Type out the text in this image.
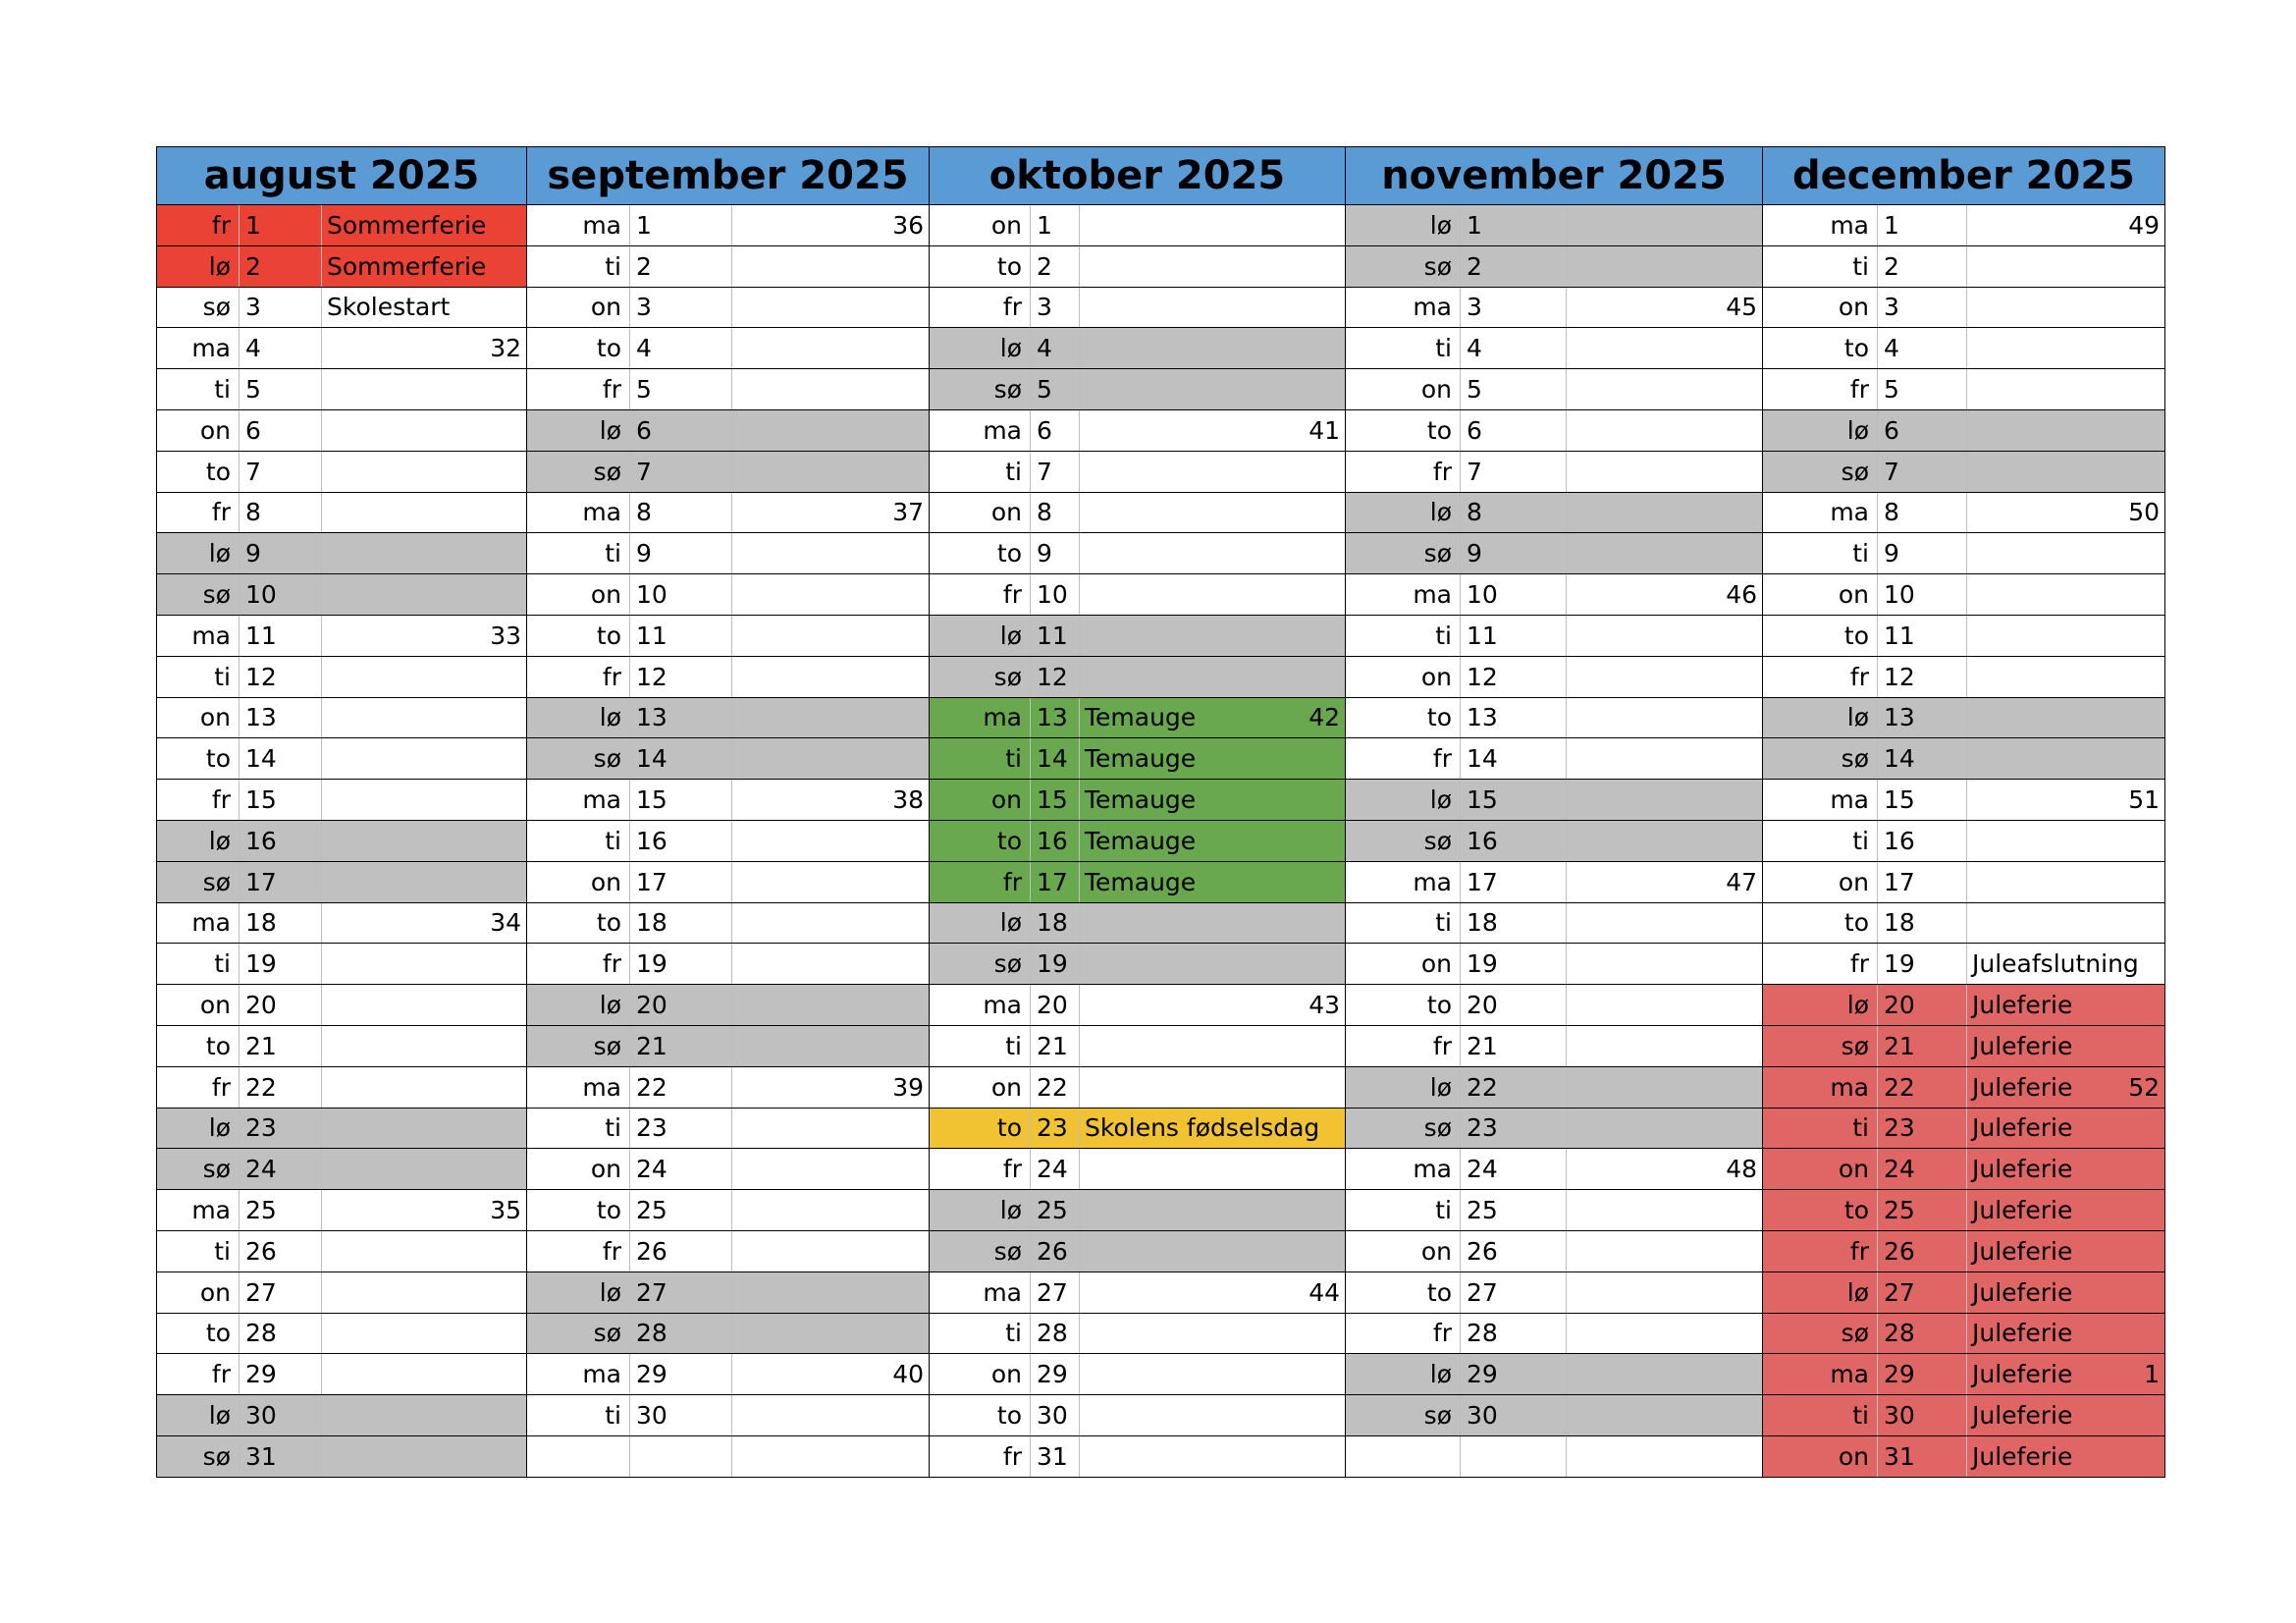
august 2025
fr 1	Sommerferie
lø 2	Sommerferie
sø 3	Skolestart
ma 4	32
ti 5
on 6
to 7
fr 8
lø 9
sø 10
ma 11	33
ti 12
on 13
to 14
fr 15
lø 16
sø 17
ma 18	34
ti 19
on 20
to 21
fr 22
lø 23
sø 24
ma 25	35
ti 26
on 27
to 28
fr 29
lø 30
sø 31
september 2025
ma 1	36
ti 2
on 3
to 4
fr 5
lø 6
sø 7
ma 8	37
ti 9
on 10
to 11
fr 12
lø 13
sø 14
ma 15	38
ti 16
on 17
to 18
fr 19
lø 20
sø 21
ma 22	39
ti 23
on 24
to 25
fr 26
lø 27
sø 28
ma 29	40
ti 30
oktober 2025
on 1
to 2
fr 3
lø 4
sø 5
ma 6	41
ti 7
on 8
to 9
fr 10
lø 11
sø 12
ma 13 Temauge	42
ti 14 Temauge
on 15 Temauge
to 16 Temauge
fr 17 Temauge
lø 18
sø 19
ma 20	43
ti 21
on 22
to 23 Skolens fødselsdag
fr 24
lø 25
sø 26
ma 27	44
ti 28
on 29
to 30
fr 31
november 2025
lø 1
sø 2
ma 3	45
ti 4
on 5
to 6
fr 7
lø 8
sø 9
ma 10	46
ti 11
on 12
to 13
fr 14
lø 15
sø 16
ma 17	47
ti 18
on 19
to 20
fr 21
lø 22
sø 23
ma 24	48
ti 25
on 26
to 27
fr 28
lø 29
sø 30
december 2025
ma 1	49
ti 2
on 3
to 4
fr 5
lø 6
sø 7
ma 8	50
ti 9
on 10
to 11
fr 12
lø 13
sø 14
ma 15	51
ti 16
on 17
to 18
fr 19	Juleafslutning
lø 20	Juleferie
sø 21	Juleferie
ma 22	Juleferie	52
ti 23	Juleferie
on 24	Juleferie
to 25	Juleferie
fr 26	Juleferie
lø 27	Juleferie
sø 28	Juleferie
ma 29	Juleferie	1
ti 30	Juleferie
on 31	Juleferie
